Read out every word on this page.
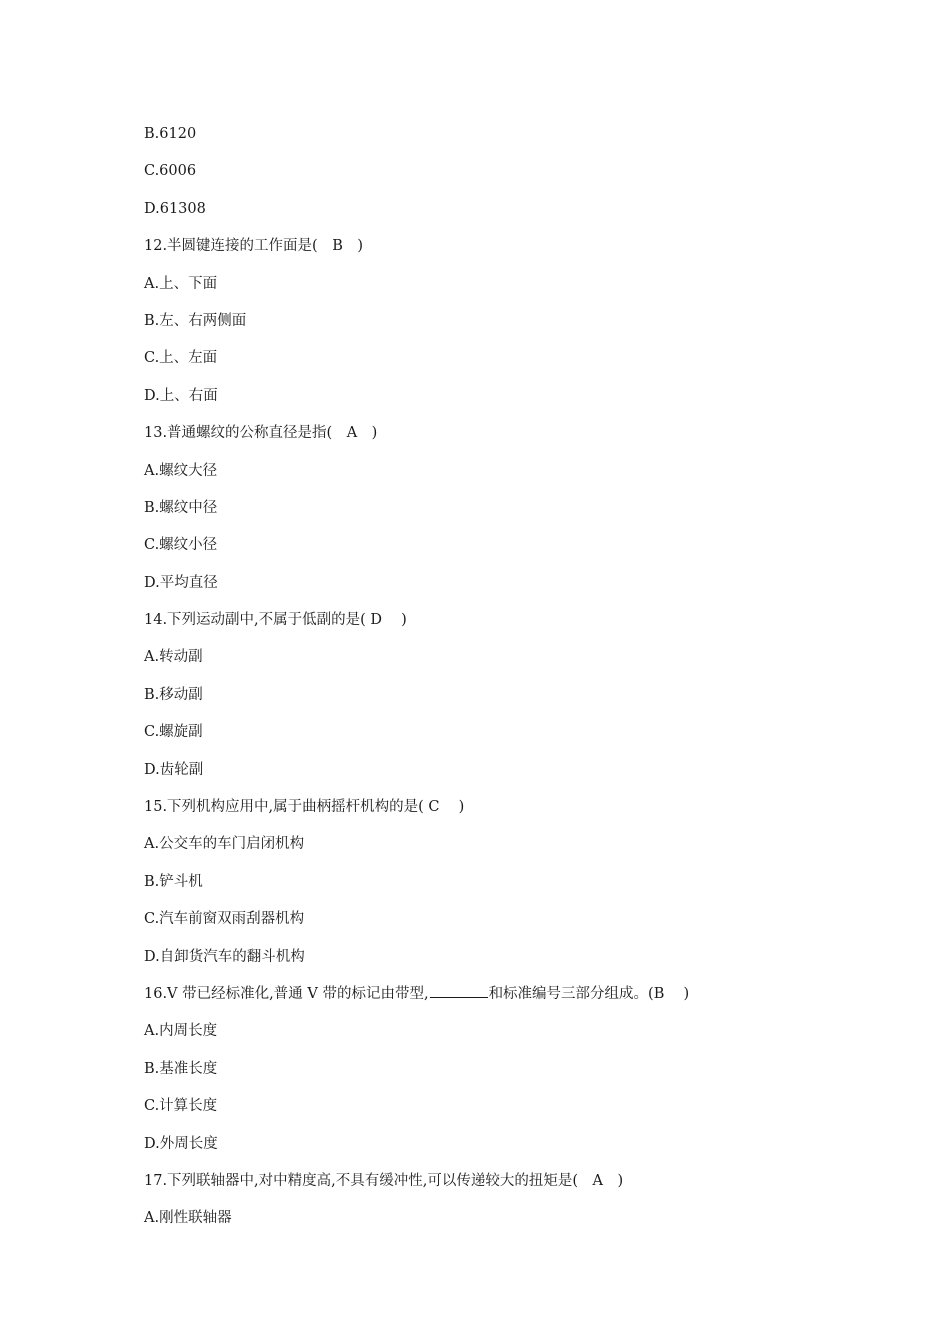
B.6120
C.6006
D.61308
12.半圆键连接的工作面是(　B　)
A.上、下面
B.左、右两侧面
C.上、左面
D.上、右面
13.普通螺纹的公称直径是指(　A　)
A.螺纹大径
B.螺纹中径
C.螺纹小径
D.平均直径
14.下列运动副中,不属于低副的是( D　 )
A.转动副
B.移动副
C.螺旋副
D.齿轮副
15.下列机构应用中,属于曲柄摇杆机构的是( C　 )
A.公交车的车门启闭机构
B.铲斗机
C.汽车前窗双雨刮器机构
D.自卸货汽车的翻斗机构
16.V 带已经标准化,普通 V 带的标记由带型,	和标准编号三部分组成。(B　 )
A.内周长度
B.基准长度
C.计算长度
D.外周长度
17.下列联轴器中,对中精度高,不具有缓冲性,可以传递较大的扭矩是(　A　)
A.刚性联轴器
